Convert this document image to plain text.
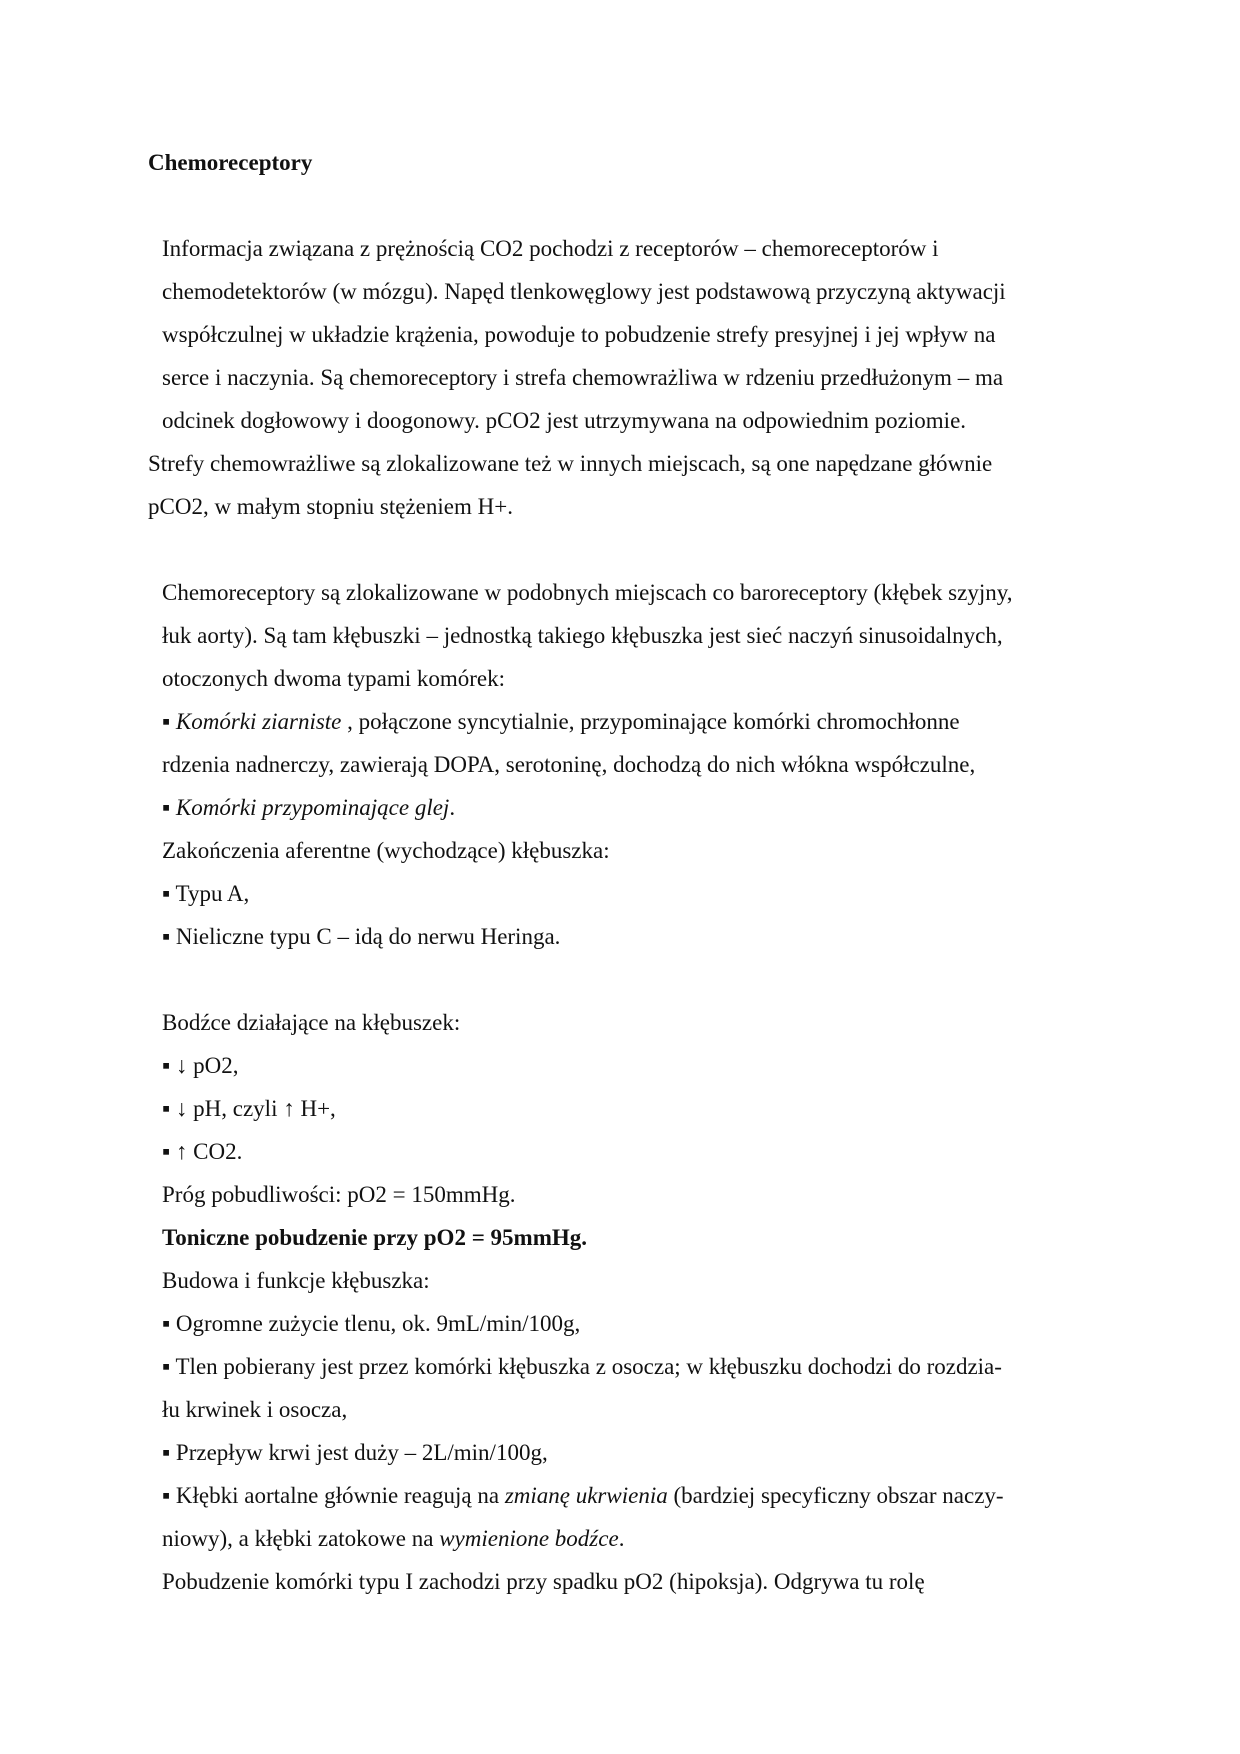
Chemoreceptory
Informacja związana z prężnością CO2 pochodzi z receptorów – chemoreceptorów i
chemodetektorów (w mózgu). Napęd tlenkowęglowy jest podstawową przyczyną aktywacji
współczulnej w układzie krążenia, powoduje to pobudzenie strefy presyjnej i jej wpływ na
serce i naczynia. Są chemoreceptory i strefa chemowrażliwa w rdzeniu przedłużonym – ma
odcinek dogłowowy i doogonowy. pCO2 jest utrzymywana na odpowiednim poziomie.
Strefy chemowrażliwe są zlokalizowane też w innych miejscach, są one napędzane głównie
pCO2, w małym stopniu stężeniem H+.
Chemoreceptory są zlokalizowane w podobnych miejscach co baroreceptory (kłębek szyjny,
łuk aorty). Są tam kłębuszki – jednostką takiego kłębuszka jest sieć naczyń sinusoidalnych,
otoczonych dwoma typami komórek:
▪ Komórki ziarniste , połączone syncytialnie, przypominające komórki chromochłonne
rdzenia nadnerczy, zawierają DOPA, serotoninę, dochodzą do nich włókna współczulne,
▪ Komórki przypominające glej.
Zakończenia aferentne (wychodzące) kłębuszka:
▪ Typu A,
▪ Nieliczne typu C – idą do nerwu Heringa.
Bodźce działające na kłębuszek:
▪ ↓ pO2,
▪ ↓ pH, czyli ↑ H+,
▪ ↑ CO2.
Próg pobudliwości: pO2 = 150mmHg.
Toniczne pobudzenie przy pO2 = 95mmHg.
Budowa i funkcje kłębuszka:
▪ Ogromne zużycie tlenu, ok. 9mL/min/100g,
▪ Tlen pobierany jest przez komórki kłębuszka z osocza; w kłębuszku dochodzi do rozdzia-
łu krwinek i osocza,
▪ Przepływ krwi jest duży – 2L/min/100g,
▪ Kłębki aortalne głównie reagują na zmianę ukrwienia (bardziej specyficzny obszar naczy-
niowy), a kłębki zatokowe na wymienione bodźce.
Pobudzenie komórki typu I zachodzi przy spadku pO2 (hipoksja). Odgrywa tu rolę
